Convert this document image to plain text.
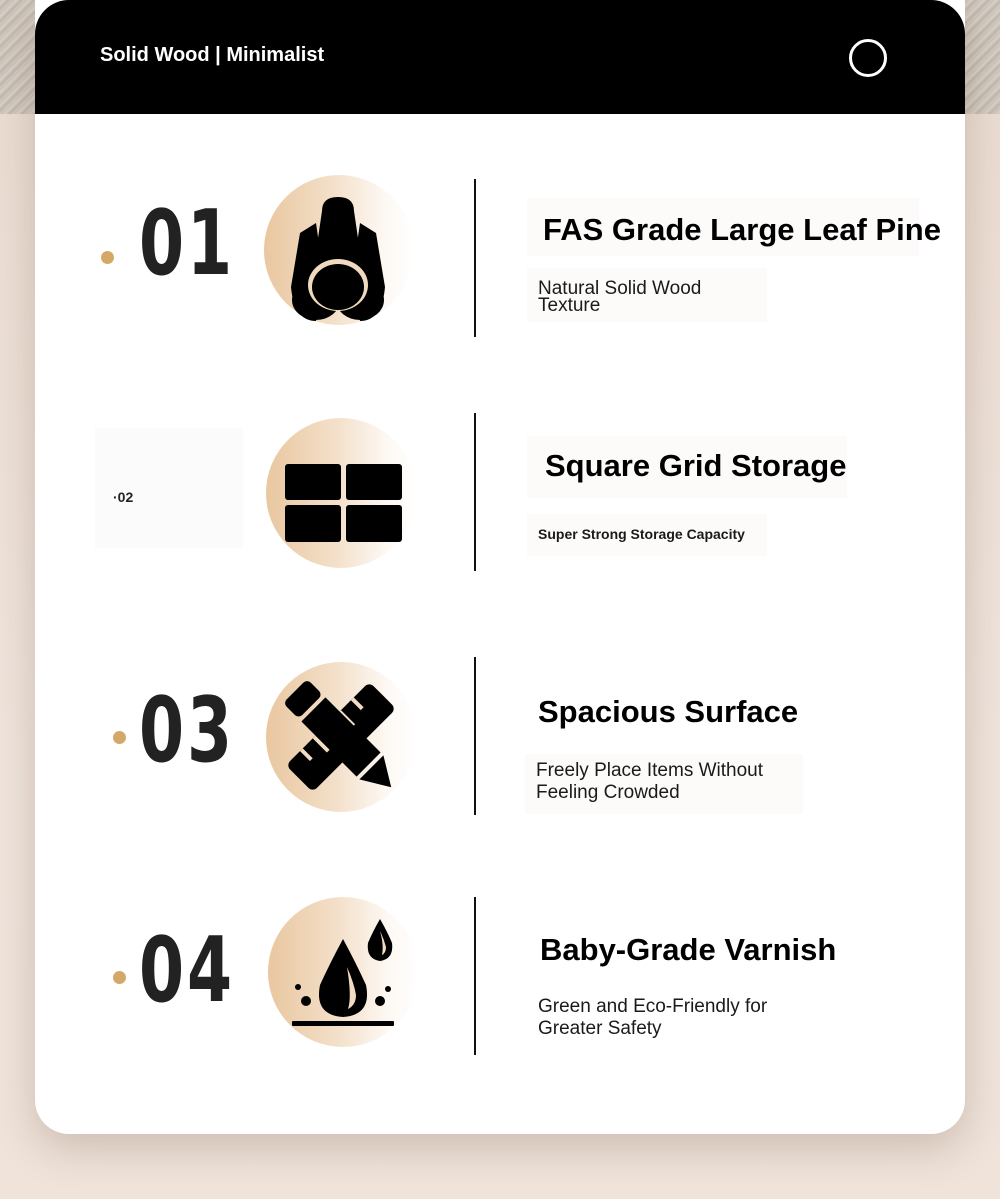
Solid Wood | Minimalist
01	FAS Grade Large Leaf Pine
Natural Solid Wood
Texture
·02
Square Grid Storage
Super Strong Storage Capacity
03	Spacious Surface
Freely Place Items Without
Feeling Crowded
04	Baby-Grade Varnish
Green and Eco-Friendly for
Greater Safety
